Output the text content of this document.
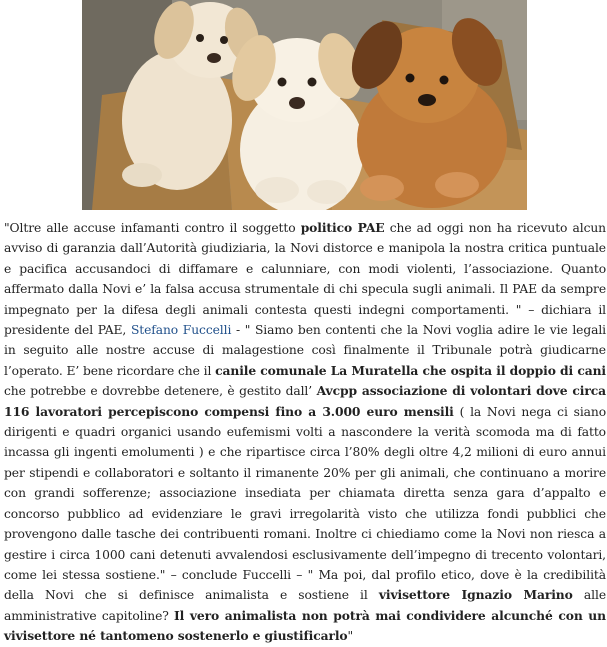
"Oltre alle accuse infamanti contro il soggetto politico PAE che ad oggi non ha ricevuto alcun avviso di garanzia dall’Autorità giudiziaria, la Novi distorce e manipola la nostra critica puntuale e pacifica accusandoci di diffamare e calunniare, con modi violenti, l’associazione. Quanto affermato dalla Novi e’ la falsa accusa strumentale di chi specula sugli animali. Il PAE da sempre impegnato per la difesa degli animali contesta questi indegni comportamenti. " – dichiara il presidente del PAE, Stefano Fuccelli - " Siamo ben contenti che la Novi voglia adire le vie legali in seguito alle nostre accuse di malagestione così finalmente il Tribunale potrà giudicarne l’operato. E’ bene ricordare che il canile comunale La Muratella che ospita il doppio di cani che potrebbe e dovrebbe detenere, è gestito dall’ Avcpp associazione di volontari dove circa 116 lavoratori percepiscono compensi fino a 3.000 euro mensili ( la Novi nega ci siano dirigenti e quadri organici usando eufemismi volti a nascondere la verità scomoda ma di fatto incassa gli ingenti emolumenti ) e che ripartisce circa l’80% degli oltre 4,2 milioni di euro annui per stipendi e collaboratori e soltanto il rimanente 20% per gli animali, che continuano a morire con grandi sofferenze; associazione insediata per chiamata diretta senza gara d’appalto e concorso pubblico ad evidenziare le gravi irregolarità visto che utilizza fondi pubblici che provengono dalle tasche dei contribuenti romani. Inoltre ci chiediamo come la Novi non riesca a gestire i circa 1000 cani detenuti avvalendosi esclusivamente dell’impegno di trecento volontari, come lei stessa sostiene." – conclude Fuccelli – " Ma poi, dal profilo etico, dove è la credibilità della Novi che si definisce animalista e sostiene il vivisettore Ignazio Marino alle amministrative capitoline? Il vero animalista non potrà mai condividere alcunché con un vivisettore né tantomeno sostenerlo e giustificarlo"
